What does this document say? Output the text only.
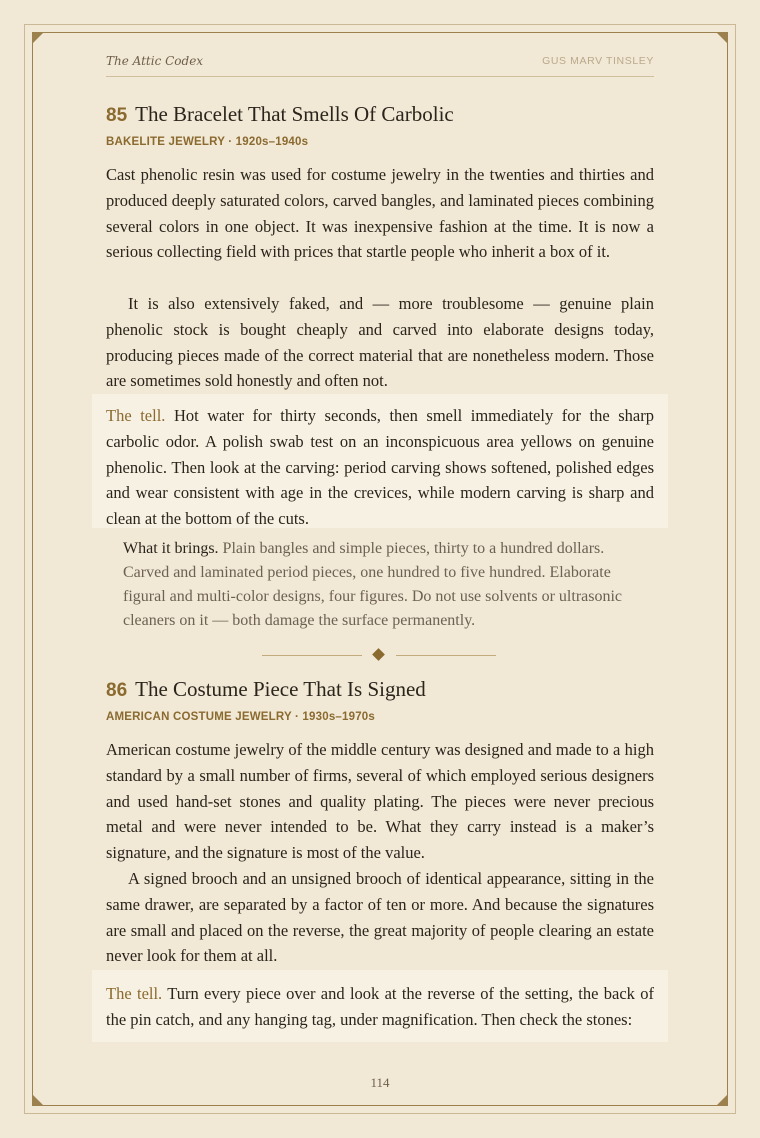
The Attic Codex	GUS MARV TINSLEY
85 The Bracelet That Smells Of Carbolic
BAKELITE JEWELRY · 1920s–1940s

Cast phenolic resin was used for costume jewelry in the twenties and thirties and produced deeply saturated colors, carved bangles, and laminated pieces combining several colors in one object. It was inexpensive fashion at the time. It is now a serious collecting field with prices that startle people who inherit a box of it.

It is also extensively faked, and — more troublesome — genuine plain phenolic stock is bought cheaply and carved into elaborate designs today, producing pieces made of the correct material that are nonetheless modern. Those are sometimes sold honestly and often not.

The tell. Hot water for thirty seconds, then smell immediately for the sharp carbolic odor. A polish swab test on an inconspicuous area yellows on genuine phenolic. Then look at the carving: period carving shows softened, polished edges and wear consistent with age in the crevices, while modern carving is sharp and clean at the bottom of the cuts.

What it brings. Plain bangles and simple pieces, thirty to a hundred dollars. Carved and laminated period pieces, one hundred to five hundred. Elaborate figural and multi-color designs, four figures. Do not use solvents or ultrasonic cleaners on it — both damage the surface permanently.

86 The Costume Piece That Is Signed
AMERICAN COSTUME JEWELRY · 1930s–1970s

American costume jewelry of the middle century was designed and made to a high standard by a small number of firms, several of which employed serious designers and used hand-set stones and quality plating. The pieces were never precious metal and were never intended to be. What they carry instead is a maker’s signature, and the signature is most of the value.

A signed brooch and an unsigned brooch of identical appearance, sitting in the same drawer, are separated by a factor of ten or more. And because the signatures are small and placed on the reverse, the great majority of people clearing an estate never look for them at all.

The tell. Turn every piece over and look at the reverse of the setting, the back of the pin catch, and any hanging tag, under magnification. Then check the stones:

114
